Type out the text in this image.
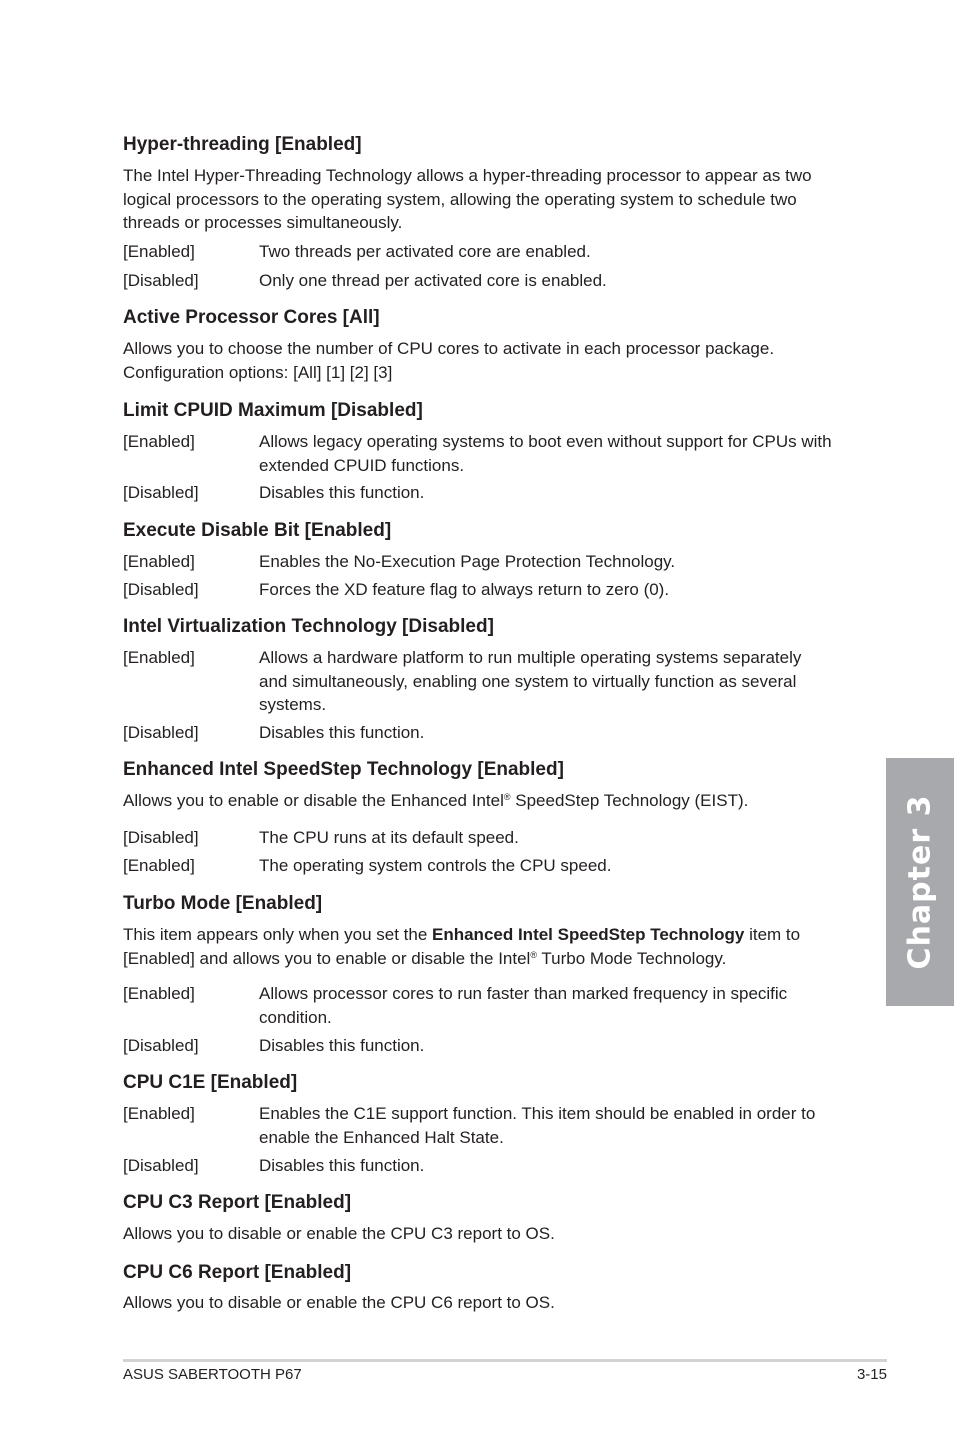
Hyper-threading [Enabled]

The Intel Hyper-Threading Technology allows a hyper-threading processor to appear as two logical processors to the operating system, allowing the operating system to schedule two threads or processes simultaneously.

[Enabled]	Two threads per activated core are enabled.
[Disabled]	Only one thread per activated core is enabled.
Active Processor Cores [All]

Allows you to choose the number of CPU cores to activate in each processor package.
Configuration options: [All] [1] [2] [3]

Limit CPUID Maximum [Disabled]
[Enabled]	Allows legacy operating systems to boot even without support for CPUs with extended CPUID functions.
[Disabled]	Disables this function.
Execute Disable Bit [Enabled]
[Enabled]	Enables the No-Execution Page Protection Technology.
[Disabled]	Forces the XD feature flag to always return to zero (0).
Intel Virtualization Technology [Disabled]
[Enabled]	Allows a hardware platform to run multiple operating systems separately and simultaneously, enabling one system to virtually function as several systems.
[Disabled]	Disables this function.
Enhanced Intel SpeedStep Technology [Enabled]

Allows you to enable or disable the Enhanced Intel® SpeedStep Technology (EIST).

[Disabled]	The CPU runs at its default speed.
[Enabled]	The operating system controls the CPU speed.
Turbo Mode [Enabled]

This item appears only when you set the Enhanced Intel SpeedStep Technology item to [Enabled] and allows you to enable or disable the Intel® Turbo Mode Technology.

[Enabled]	Allows processor cores to run faster than marked frequency in specific condition.
[Disabled]	Disables this function.
CPU C1E [Enabled]
[Enabled]	Enables the C1E support function. This item should be enabled in order to enable the Enhanced Halt State.
[Disabled]	Disables this function.
CPU C3 Report [Enabled]

Allows you to disable or enable the CPU C3 report to OS.

CPU C6 Report [Enabled]

Allows you to disable or enable the CPU C6 report to OS.

Chapter 3
ASUS SABERTOOTH P67	3-15
